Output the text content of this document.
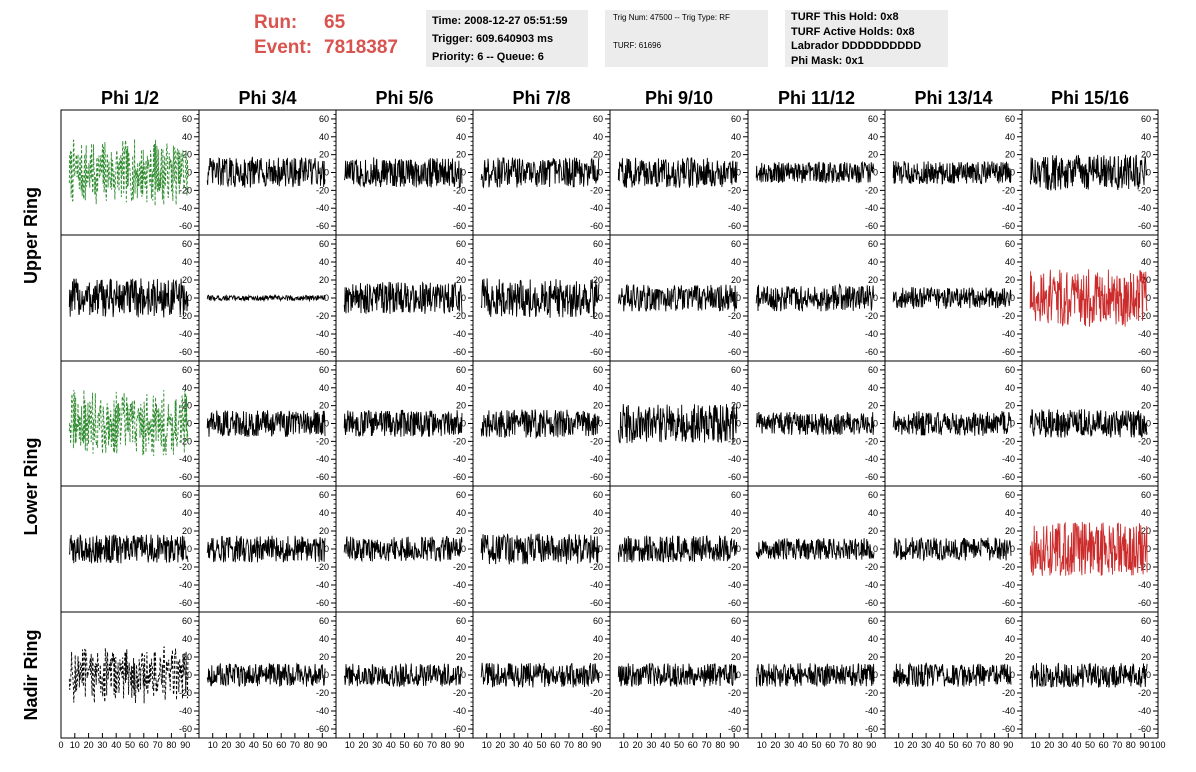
Run:	65
Event: 7818387
Time: 2008-12-27 05:51:59
Trigger: 609.640903 ms
Priority: 6 -- Queue: 6
Trig Num: 47500 -- Trig Type: RF
TURF: 61696
TURF This Hold: 0x8
TURF Active Holds: 0x8
Labrador DDDDDDDDDD
Phi Mask: 0x1
Phi 1/2	Phi 3/4	Phi 5/6	Phi 7/8	Phi 9/10	Phi 11/12	Phi 13/14	Phi 15/16
Upper Ring
Lower Ring
Nadir Ring
-60
-40
-20
0
20
40
60
-60
-40
-20
0
20
40
60
-60
-40
-20
0
20
40
60
-60
-40
-20
0
20
40
60
-60
-40
-20
0
20
40
60
-60
-40
-20
0
20
40
60
-60
-40
-20
0
20
40
60
-60
-40
-20
0
20
40
60
-60
-40
-20
0
20
40
60
-60
-40
-20
0
20
40
60
-60
-40
-20
0
20
40
60
-60
-40
-20
0
20
40
60
-60
-40
-20
0
20
40
60
-60
-40
-20
0
20
40
60
-60
-40
-20
0
20
40
60
-60
-40
-20
0
20
40
60
-60
-40
-20
0
20
40
60
-60
-40
-20
0
20
40
60
-60
-40
-20
0
20
40
60
-60
-40
-20
0
20
40
60
-60
-40
-20
0
20
40
60
-60
-40
-20
0
20
40
60
-60
-40
-20
0
20
40
60
-60
-40
-20
0
20
40
60
-60
-40
-20
0
20
40
60
-60
-40
-20
0
20
40
60
-60
-40
-20
0
20
40
60
-60
-40
-20
0
20
40
60
-60
-40
-20
0
20
40
60
-60
-40
-20
0
20
40
60
-60
-40
-20
0
20
40
60
-60
-40
-20
0
20
40
60
-60
-40
-20
0
20
40
60
-60
-40
-20
0
20
40
60
-60
-40
-20
0
20
40
60
-60
-40
-20
0
20
40
60
-60
-40
-20
0
20
40
60
-60
-40
-20
0
20
40
60
-60
-40
-20
0
20
40
60
-60
-40
-20
0
20
40
60
0 10 20 30 40 50 60 70 80 90 10 20 30 40 50 60 70 80 90 10 20 30 40 50 60 70 80 90 10 20 30 40 50 60 70 80 90 10 20 30 40 50 60 70 80 90 10 20 30 40 50 60 70 80 90 10 20 30 40 50 60 70 80 90 10 20 30 40 50 60 70 80 90 100
